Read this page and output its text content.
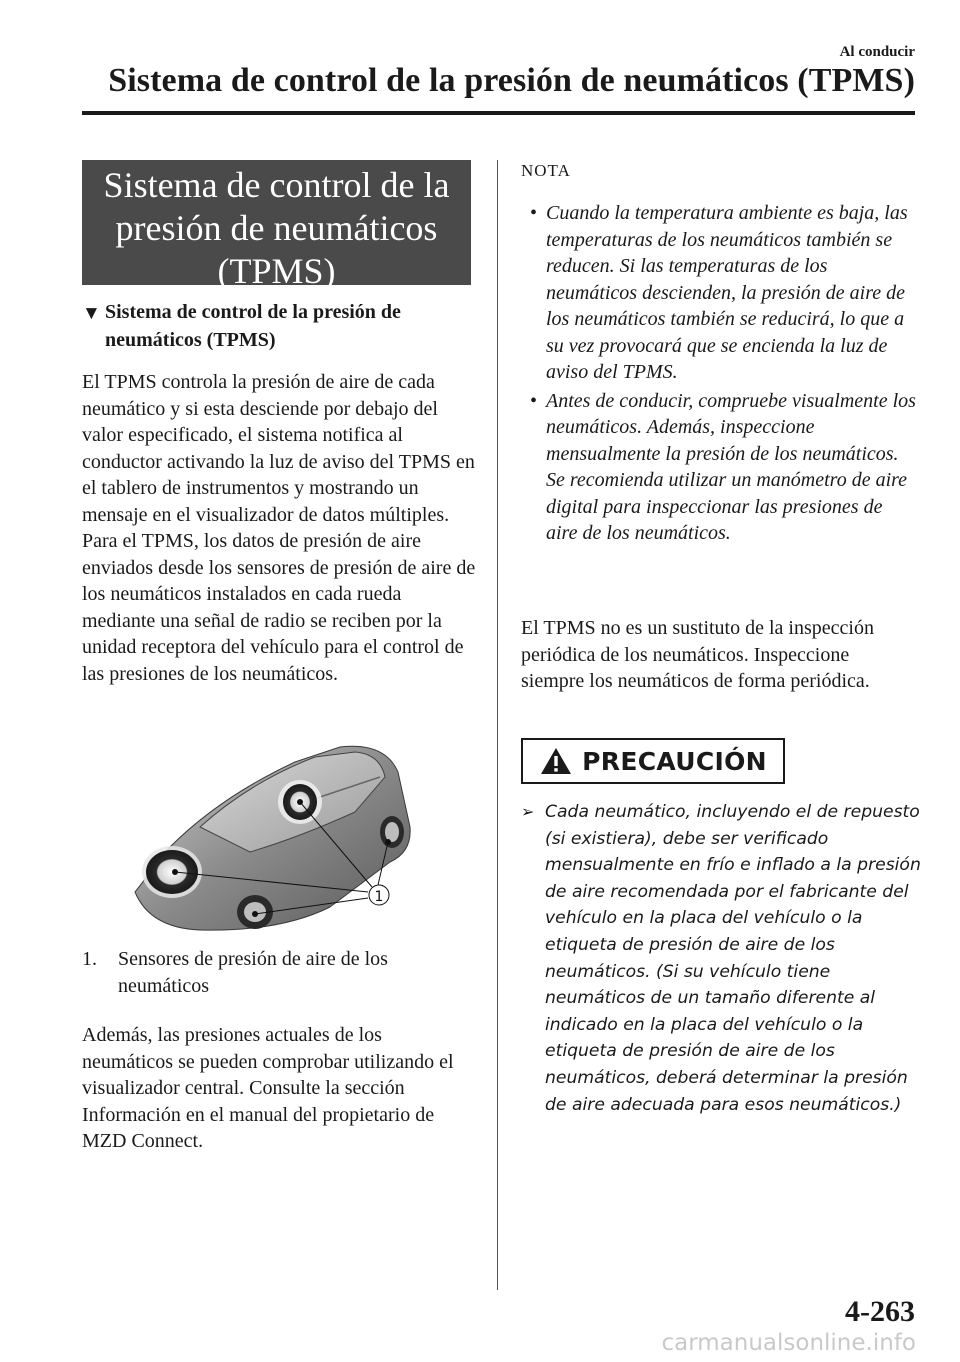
Al conducir
Sistema de control de la presión de neumáticos (TPMS)
Sistema de control de la
presión de neumáticos
(TPMS)
▼ Sistema de control de la presión de neumáticos (TPMS)
El TPMS controla la presión de aire de cada neumático y si esta desciende por debajo del valor especificado, el sistema notifica al conductor activando la luz de aviso del TPMS en el tablero de instrumentos y mostrando un mensaje en el visualizador de datos múltiples. Para el TPMS, los datos de presión de aire enviados desde los sensores de presión de aire de los neumáticos instalados en cada rueda mediante una señal de radio se reciben por la unidad receptora del vehículo para el control de las presiones de los neumáticos.
1
1.	Sensores de presión de aire de los neumáticos
Además, las presiones actuales de los neumáticos se pueden comprobar utilizando el visualizador central. Consulte la sección Información en el manual del propietario de MZD Connect.
NOTA
• Cuando la temperatura ambiente es baja, las temperaturas de los neumáticos también se reducen. Si las temperaturas de los neumáticos descienden, la presión de aire de los neumáticos también se reducirá, lo que a su vez provocará que se encienda la luz de aviso del TPMS.
• Antes de conducir, compruebe visualmente los neumáticos. Además, inspeccione mensualmente la presión de los neumáticos. Se recomienda utilizar un manómetro de aire digital para inspeccionar las presiones de aire de los neumáticos.
El TPMS no es un sustituto de la inspección periódica de los neumáticos. Inspeccione siempre los neumáticos de forma periódica.
PRECAUCIÓN
➢ Cada neumático, incluyendo el de repuesto (si existiera), debe ser verificado mensualmente en frío e inflado a la presión de aire recomendada por el fabricante del vehículo en la placa del vehículo o la etiqueta de presión de aire de los neumáticos. (Si su vehículo tiene neumáticos de un tamaño diferente al indicado en la placa del vehículo o la etiqueta de presión de aire de los neumáticos, deberá determinar la presión de aire adecuada para esos neumáticos.)
4-263
carmanualsonline.info
